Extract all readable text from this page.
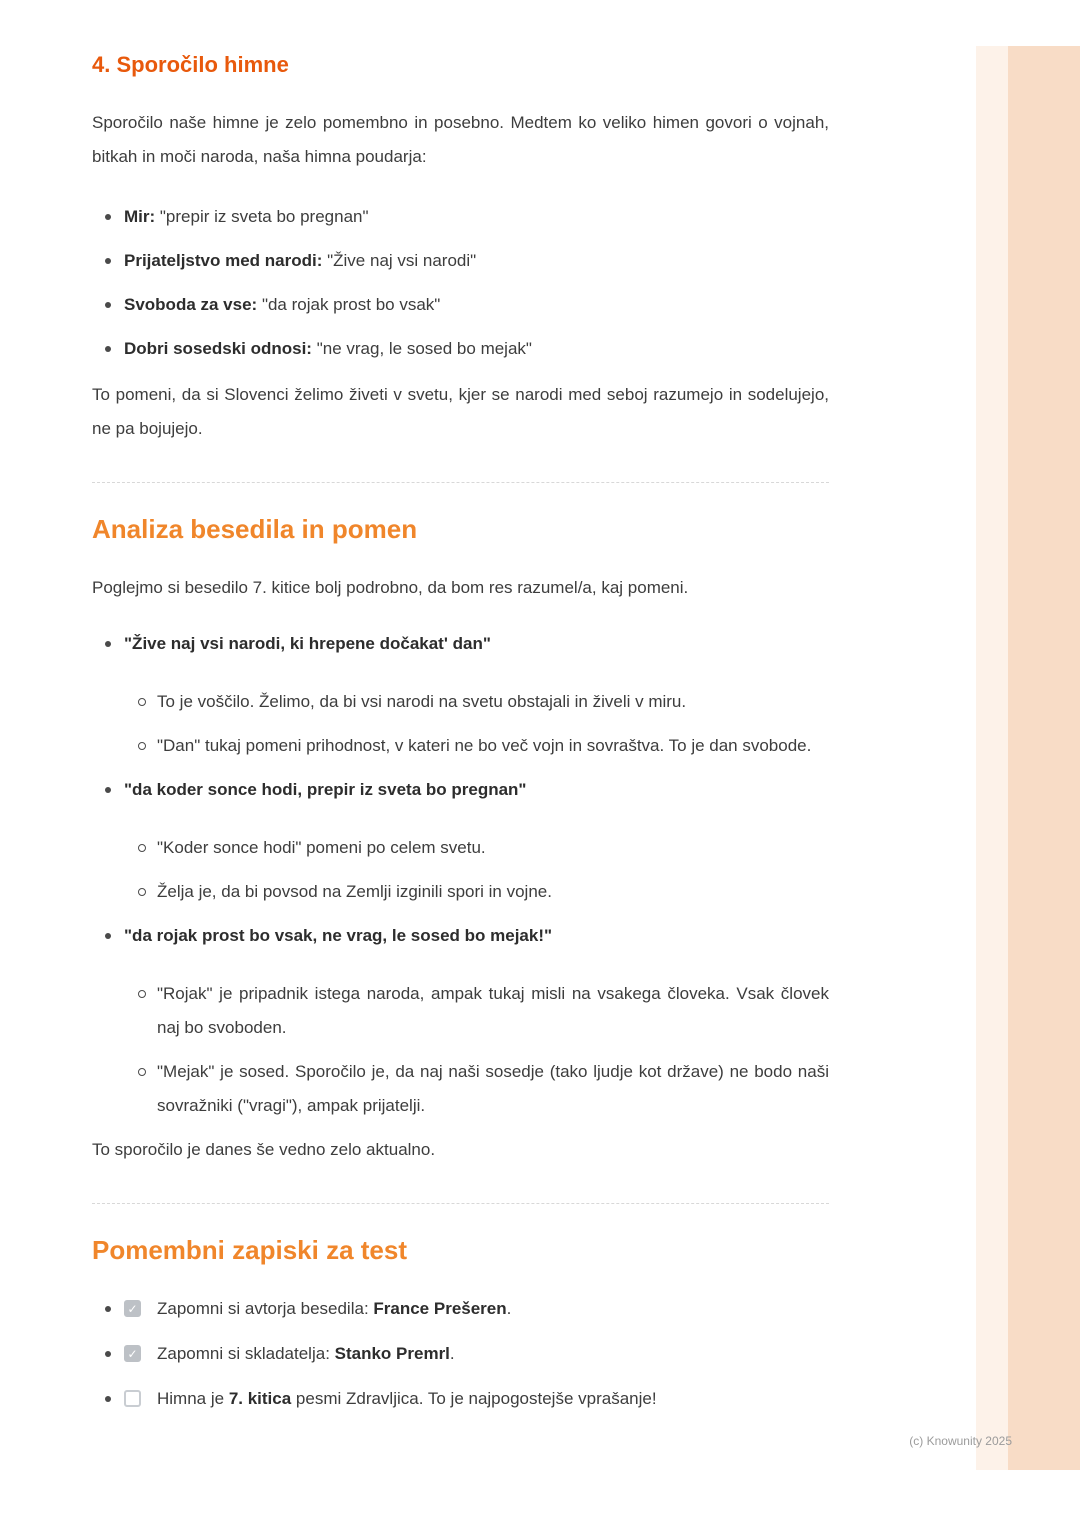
4. Sporočilo himne

Sporočilo naše himne je zelo pomembno in posebno. Medtem ko veliko himen govori o vojnah, bitkah in moči naroda, naša himna poudarja:

Mir: "prepir iz sveta bo pregnan"
Prijateljstvo med narodi: "Žive naj vsi narodi"
Svoboda za vse: "da rojak prost bo vsak"
Dobri sosedski odnosi: "ne vrag, le sosed bo mejak"

To pomeni, da si Slovenci želimo živeti v svetu, kjer se narodi med seboj razumejo in sodelujejo, ne pa bojujejo.

Analiza besedila in pomen

Poglejmo si besedilo 7. kitice bolj podrobno, da bom res razumel/a, kaj pomeni.

"Žive naj vsi narodi, ki hrepene dočakat' dan"
To je voščilo. Želimo, da bi vsi narodi na svetu obstajali in živeli v miru.
"Dan" tukaj pomeni prihodnost, v kateri ne bo več vojn in sovraštva. To je dan svobode.
"da koder sonce hodi, prepir iz sveta bo pregnan"
"Koder sonce hodi" pomeni po celem svetu.
Želja je, da bi povsod na Zemlji izginili spori in vojne.
"da rojak prost bo vsak, ne vrag, le sosed bo mejak!"
"Rojak" je pripadnik istega naroda, ampak tukaj misli na vsakega človeka. Vsak človek naj bo svoboden.
"Mejak" je sosed. Sporočilo je, da naj naši sosedje (tako ljudje kot države) ne bodo naši sovražniki ("vragi"), ampak prijatelji.

To sporočilo je danes še vedno zelo aktualno.

Pomembni zapiski za test
✓ Zapomni si avtorja besedila: France Prešeren.
✓ Zapomni si skladatelja: Stanko Premrl.
Himna je 7. kitica pesmi Zdravljica. To je najpogostejše vprašanje!
(c) Knowunity 2025
